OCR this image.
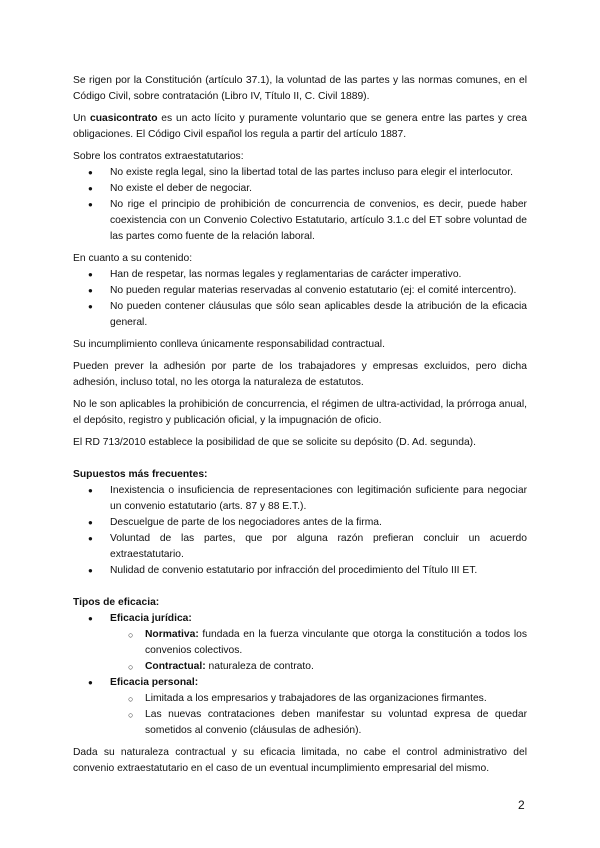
Se rigen por la Constitución (artículo 37.1), la voluntad de las partes y las normas comunes, en el Código Civil, sobre contratación (Libro IV, Título II, C. Civil 1889).

Un cuasicontrato es un acto lícito y puramente voluntario que se genera entre las partes y crea obligaciones. El Código Civil español los regula a partir del artículo 1887.

Sobre los contratos extraestatutarios:

● No existe regla legal, sino la libertad total de las partes incluso para elegir el interlocutor.
● No existe el deber de negociar.
● No rige el principio de prohibición de concurrencia de convenios, es decir, puede haber coexistencia con un Convenio Colectivo Estatutario, artículo 3.1.c del ET sobre voluntad de las partes como fuente de la relación laboral.

En cuanto a su contenido:

● Han de respetar, las normas legales y reglamentarias de carácter imperativo.
● No pueden regular materias reservadas al convenio estatutario (ej: el comité intercentro).
● No pueden contener cláusulas que sólo sean aplicables desde la atribución de la eficacia general.

Su incumplimiento conlleva únicamente responsabilidad contractual.

Pueden prever la adhesión por parte de los trabajadores y empresas excluidos, pero dicha adhesión, incluso total, no les otorga la naturaleza de estatutos.

No le son aplicables la prohibición de concurrencia, el régimen de ultra-actividad, la prórroga anual, el depósito, registro y publicación oficial, y la impugnación de oficio.

El RD 713/2010 establece la posibilidad de que se solicite su depósito (D. Ad. segunda).

Supuestos más frecuentes:

● Inexistencia o insuficiencia de representaciones con legitimación suficiente para negociar un convenio estatutario (arts. 87 y 88 E.T.).
● Descuelgue de parte de los negociadores antes de la firma.
● Voluntad de las partes, que por alguna razón prefieran concluir un acuerdo extraestatutario.
● Nulidad de convenio estatutario por infracción del procedimiento del Título III ET.

Tipos de eficacia:

● Eficacia jurídica:
○ Normativa: fundada en la fuerza vinculante que otorga la constitución a todos los convenios colectivos.
○ Contractual: naturaleza de contrato.
● Eficacia personal:
○ Limitada a los empresarios y trabajadores de las organizaciones firmantes.
○ Las nuevas contrataciones deben manifestar su voluntad expresa de quedar sometidos al convenio (cláusulas de adhesión).

Dada su naturaleza contractual y su eficacia limitada, no cabe el control administrativo del convenio extraestatutario en el caso de un eventual incumplimiento empresarial del mismo.

2
